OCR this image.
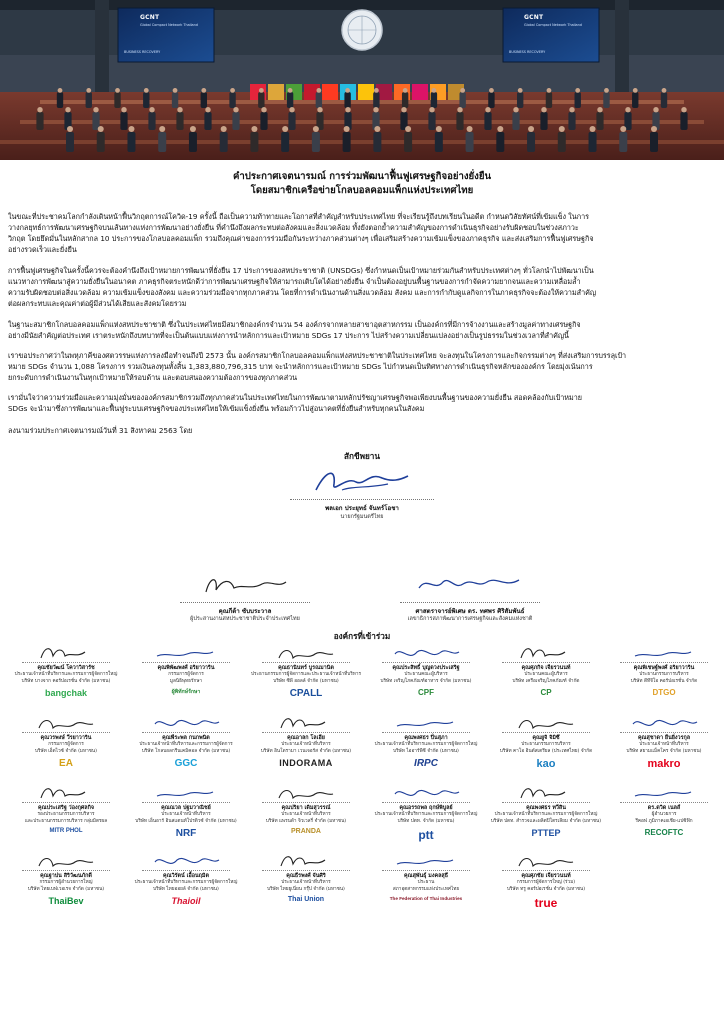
GCNT
Global Compact Network Thailand
BUSINESS RECOVERY
GCNT
Global Compact Network Thailand
BUSINESS RECOVERY
คำประกาศเจตนารมณ์ การร่วมพัฒนาฟื้นฟูเศรษฐกิจอย่างยั่งยืน
โดยสมาชิกเครือข่ายโกลบอลคอมแพ็กแห่งประเทศไทย
ในขณะที่ประชาคมโลกกำลังเดินหน้าฟื้นวิกฤตการณ์โควิด-19 ครั้งนี้ ถือเป็นความท้าทายและโอกาสที่สำคัญสำหรับประเทศไทย ที่จะเรียนรู้ถึงบทเรียนในอดีต กำหนดวิสัยทัศน์ที่เข้มแข็ง ในการ
วางกลยุทธ์การพัฒนาเศรษฐกิจบนเส้นทางแห่งการพัฒนาอย่างยั่งยืน ที่คำนึงถึงผลกระทบต่อสังคมและสิ่งแวดล้อม ทั้งยังตอกย้ำความสำคัญของการดำเนินธุรกิจอย่างรับผิดชอบในช่วงสภาวะ
วิกฤต โดยยึดมั่นในหลักสากล 10 ประการของโกลบอลคอมแพ็ก รวมถึงคุณค่าของการร่วมมือกันระหว่างภาคส่วนต่างๆ เพื่อเสริมสร้างความเข้มแข็งของภาคธุรกิจ และส่งเสริมการฟื้นฟูเศรษฐกิจ
อย่างรวดเร็วและยั่งยืน
การฟื้นฟูเศรษฐกิจในครั้งนี้ควรจะต้องคำนึงถึงเป้าหมายการพัฒนาที่ยั่งยืน 17 ประการของสหประชาชาติ (UNSDGs) ซึ่งกำหนดเป็นเป้าหมายร่วมกันสำหรับประเทศต่างๆ ทั่วโลกนำไปพัฒนาเป็น
แนวทางการพัฒนาสู่ความยั่งยืนในอนาคต ภาคธุรกิจตระหนักดีว่าการพัฒนาเศรษฐกิจให้สามารถเติบโตได้อย่างยั่งยืน จำเป็นต้องอยู่บนพื้นฐานของการกำจัดความยากจนและความเหลื่อมล้ำ
ความรับผิดชอบต่อสิ่งแวดล้อม ความเข้มแข็งของสังคม และความร่วมมือจากทุกภาคส่วน โดยที่การดำเนินงานด้านสิ่งแวดล้อม สังคม และการกำกับดูแลกิจการในภาคธุรกิจจะต้องให้ความสำคัญ
ต่อผลกระทบและคุณค่าต่อผู้มีส่วนได้เสียและสังคมโดยรวม
ในฐานะสมาชิกโกลบอลคอมแพ็กแห่งสหประชาชาติ ซึ่งในประเทศไทยมีสมาชิกองค์กรจำนวน 54 องค์กรจากหลายสาขาอุตสาหกรรม เป็นองค์กรที่มีการจ้างงานและสร้างมูลค่าทางเศรษฐกิจ
อย่างมีนัยสำคัญต่อประเทศ เราตระหนักถึงบทบาทที่จะเป็นต้นแบบแห่งการนำหลักการและเป้าหมาย SDGs 17 ประการ ไปสร้างความเปลี่ยนแปลงอย่างเป็นรูปธรรมในช่วงเวลาที่สำคัญนี้
เราขอประกาศว่าในพหุภาคีของศตวรรษแห่งการลงมือทำจนถึงปี 2573 นั้น องค์กรสมาชิกโกลบอลคอมแพ็กแห่งสหประชาชาติในประเทศไทย จะลงทุนในโครงการและกิจกรรมต่างๆ ที่ส่งเสริมการบรรลุเป้า
หมาย SDGs จำนวน 1,088 โครงการ รวมเงินลงทุนทั้งสิ้น 1,383,880,796,315 บาท จะนำหลักการและเป้าหมาย SDGs ไปกำหนดเป็นทิศทางการดำเนินธุรกิจหลักขององค์กร โดยมุ่งเน้นการ
ยกระดับการดำเนินงานในทุกเป้าหมายให้รอบด้าน และตอบสนองความต้องการของทุกภาคส่วน
เรามั่นใจว่าความร่วมมือและความมุ่งมั่นขององค์กรสมาชิกรวมถึงทุกภาคส่วนในประเทศไทยในการพัฒนาตามหลักปรัชญาเศรษฐกิจพอเพียงบนพื้นฐานของความยั่งยืน สอดคล้องกับเป้าหมาย
SDGs จะนำมาซึ่งการพัฒนาและฟื้นฟูระบบเศรษฐกิจของประเทศไทยให้เข้มแข็งยั่งยืน พร้อมก้าวไปสู่อนาคตที่ยั่งยืนสำหรับทุกคนในสังคม
ลงนามร่วมประกาศเจตนารมณ์วันที่ 31 สิงหาคม 2563 โดย
สักขีพยาน
พลเอก ประยุทธ์ จันทร์โอชา
นายกรัฐมนตรีไทย
คุณกีต้า ซับบระวาล
ผู้ประสานงานสหประชาชาติประจำประเทศไทย
ศาสตราจารย์พิเศษ ดร. ทศพร ศิริสัมพันธ์
เลขาธิการสภาพัฒนาการเศรษฐกิจและสังคมแห่งชาติ
องค์กรที่เข้าร่วม
คุณชัยวัฒน์ โควาวิสารัช
ประธานเจ้าหน้าที่บริหารและกรรมการผู้จัดการใหญ่
บริษัท บางจาก คอร์ปอเรชั่น จำกัด (มหาชน)
bangchak
คุณพิพัฒพงศ์ อริยาวาริน
กรรมการผู้จัดการ
มูลนิธิพุทธรักษา
ผู้พิทักษ์รักษา
คุณธานินทร์ บูรณมานิต
ประธานกรรมการผู้จัดการและประธานเจ้าหน้าที่บริหาร
บริษัท ซีพี ออลล์ จำกัด (มหาชน)
CPALL
คุณประสิทธิ์ บุญดวงประเสริฐ
ประธานคณะผู้บริหาร
บริษัท เจริญโภคภัณฑ์อาหาร จำกัด (มหาชน)
CPF
คุณศุภกิจ เจียรวนนท์
ประธานคณะผู้บริหาร
บริษัท เครือเจริญโภคภัณฑ์ จำกัด
CP
คุณพิเชษฐ์พงศ์ อริยาวาริน
ประธานกรรมการบริหาร
บริษัท ดีทีจีโอ คอร์ปอเรชั่น จำกัด
DTGO
คุณวรพงษ์ วีรยาวาริน
กรรมการผู้จัดการ
บริษัท เอ็ดไวซ์ จำกัด (มหาชน)
EA
คุณพีระพล กนกพนิต
ประธานเจ้าหน้าที่บริหารและกรรมการผู้จัดการ
บริษัท โกลบอลกรีนเคมิคอล จำกัด (มหาชน)
GGC
คุณอาลก โลเฮีย
ประธานเจ้าหน้าที่บริหาร
บริษัท อินโดรามา เวนเจอร์ส จำกัด (มหาชน)
INDORAMA
คุณพงศธร ปิ่นสุภา
ประธานเจ้าหน้าที่บริหารและกรรมการผู้จัดการใหญ่
บริษัท ไออาร์พีซี จำกัด (มหาชน)
IRPC
คุณยูจิ จิมิซึ
ประธานกรรมการบริหาร
บริษัท คาโอ อินดัสเตรียล (ประเทศไทย) จำกัด
kao
คุณสุชาดา ยืนยิ่งวรกุล
ประธานเจ้าหน้าที่บริหาร
บริษัท สยามแม็คโคร จำกัด (มหาชน)
makro
คุณประเสริฐ ว่องกุศลกิจ
รองประธานกรรมการบริหาร
และประธานกรรมการบริหาร กลุ่มมิตรผล
MITR PHOL
คุณณวล ปฐมวาณิชย์
ประธานเจ้าหน้าที่บริหาร
บริษัท เอ็นอาร์ อินสแตนท์โปรดิวซ์ จำกัด (มหาชน)
NRF
คุณปริยา เดิมสุวรรณ์
ประธานเจ้าหน้าที่บริหาร
บริษัท แพรนด้า จิวเวลรี่ จำกัด (มหาชน)
PRANDA
คุณอรรถพล ฤกษ์พิบูลย์
ประธานเจ้าหน้าที่บริหารและกรรมการผู้จัดการใหญ่
บริษัท ปตท. จำกัด (มหาชน)
ptt
คุณพงศธร ทวีสิน
ประธานเจ้าหน้าที่บริหารและกรรมการผู้จัดการใหญ่
บริษัท ปตท. สำรวจและผลิตปิโตรเลียม จำกัด (มหาชน)
PTTEP
ดร.ดวิด เนลส์
ผู้อำนวยการ
รีคอฟ ภูมิภาคเอเชีย-แปซิฟิก
RECOFTC
คุณฐาปน สิริวัฒนภักดี
กรรมการผู้อำนวยการใหญ่
บริษัท ไทยเบฟเวอเรจ จำกัด (มหาชน)
ThaiBev
คุณวิรัตน์ เอื้อนฤมิต
ประธานเจ้าหน้าที่บริหารและกรรมการผู้จัดการใหญ่
บริษัท ไทยออยล์ จำกัด (มหาชน)
Thaioil
คุณธีรพงศ์ จันศิริ
ประธานเจ้าหน้าที่บริหาร
บริษัท ไทยยูเนี่ยน กรุ๊ป จำกัด (มหาชน)
Thai Union
คุณสุพันธุ์ มงคลสุธี
ประธาน
สภาอุตสาหกรรมแห่งประเทศไทย
The Federation of Thai Industries
คุณศุภชัย เจียรวนนท์
กรรมการผู้จัดการใหญ่ (ร่วม)
บริษัท ทรู คอร์ปอเรชั่น จำกัด (มหาชน)
true
